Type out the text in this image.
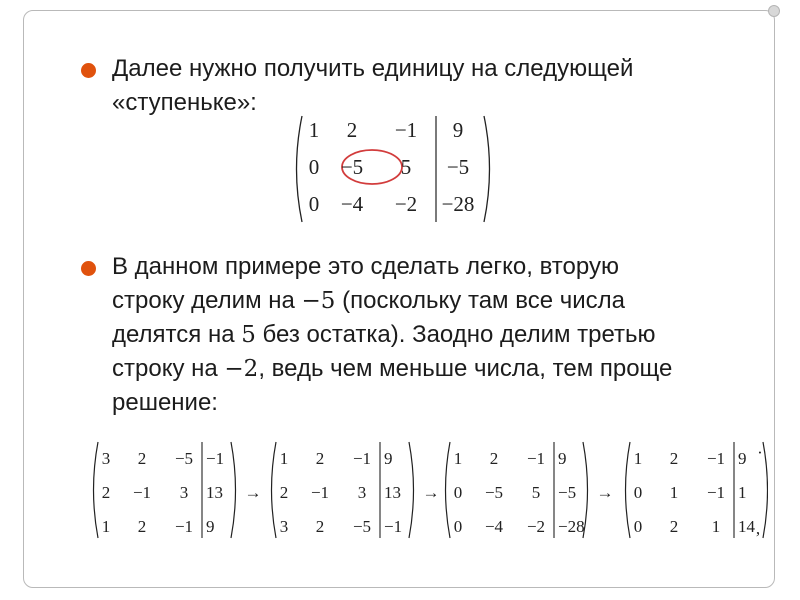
Далее нужно получить единицу на следующей
«ступеньке»:

1 2 −1 9
0 −5 5 −5
0 −4 −2 −28

В данном примере это сделать легко, вторую
строку делим на −5 (поскольку там все числа
делятся на 5 без остатка). Заодно делим третью
строку на −2, ведь чем меньше числа, тем проще
решение:

3 2 −5 −1
2 −1 3 13
1 2 −1 9
→
1 2 −1 9
2 −1 3 13
3 2 −5 −1
→
1 2 −1 9
0 −5 5 −5
0 −4 −2 −28
→
1 2 −1 9
0 1 −1 1
0 2 1 14
·
,
